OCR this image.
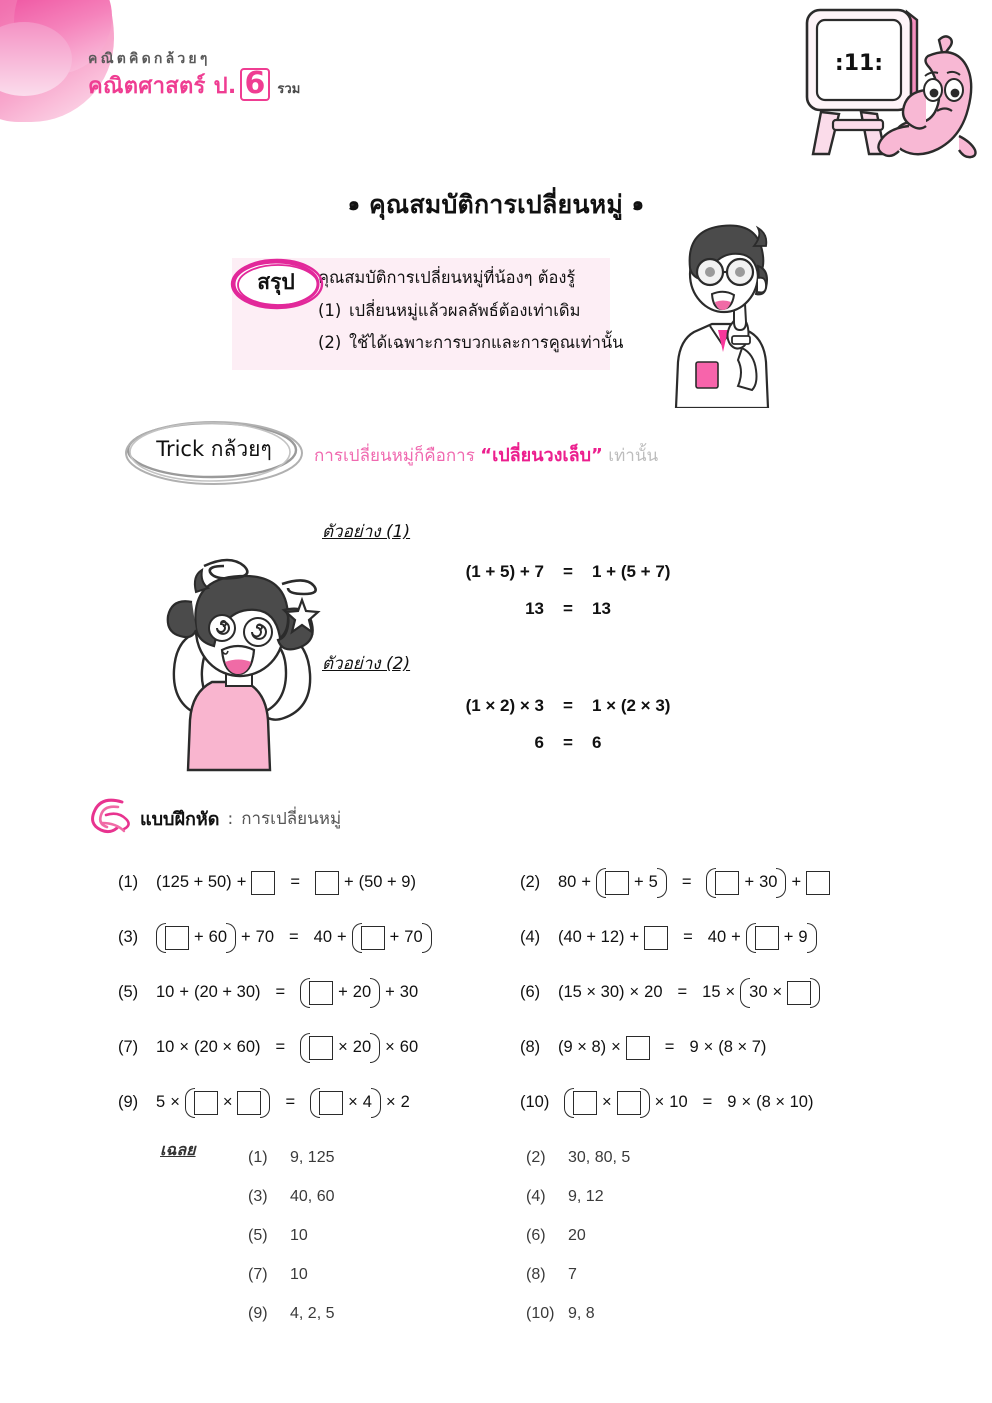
คณิตคิดกล้วยๆ
คณิตศาสตร์ ป. 6 รวม
:11:
๑ คุณสมบัติการเปลี่ยนหมู่ ๑
คุณสมบัติการเปลี่ยนหมู่ที่น้องๆ ต้องรู้
(1) เปลี่ยนหมู่แล้วผลลัพธ์ต้องเท่าเดิม
(2) ใช้ได้เฉพาะการบวกและการคูณเท่านั้น
สรุป
Trick กล้วยๆ	การเปลี่ยนหมู่ก็คือการ “เปลี่ยนวงเล็บ” เท่านั้น
ตัวอย่าง (1)
(1 + 5) + 7	=	1 + (5 + 7)
13	=	13
ตัวอย่าง (2)
(1 × 2) × 3	=	1 × (2 × 3)
6	=	6
แบบฝึกหัด : การเปลี่ยนหมู่
(1)	(125 + 50) +	=	+ (50 + 9)	(2)	80 +	+ 5	=	+ 30 +
(3)	+ 60 + 70 = 40 +	+ 70	(4)	(40 + 12) +	= 40 +	+ 9
(5)	10 + (20 + 30) =	+ 20 + 30	(6)	(15 × 30) × 20 = 15 × 30 ×
(7)	10 × (20 × 60) =	× 20 × 60	(8)	(9 × 8) ×	= 9 × (8 × 7)
(9)	5 ×	×	=	× 4 × 2	(10)	×	× 10 = 9 × (8 × 10)
เฉลย	(1)	9, 125	(2)	30, 80, 5
(3)	40, 60	(4)	9, 12
(5)	10	(6)	20
(7)	10	(8)	7
(9)	4, 2, 5	(10) 9, 8
